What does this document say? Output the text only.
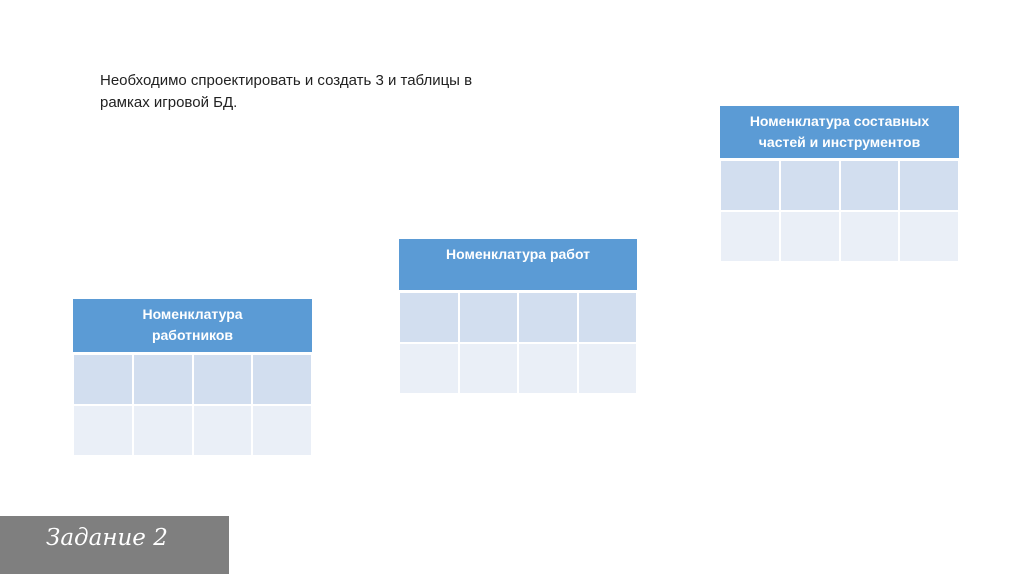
Необходимо спроектировать и создать 3 и таблицы в
рамках игровой БД.

Номенклатура
работников			

Номенклатура работ			

Номенклатура составных
частей и инструментов			

Задание 2
